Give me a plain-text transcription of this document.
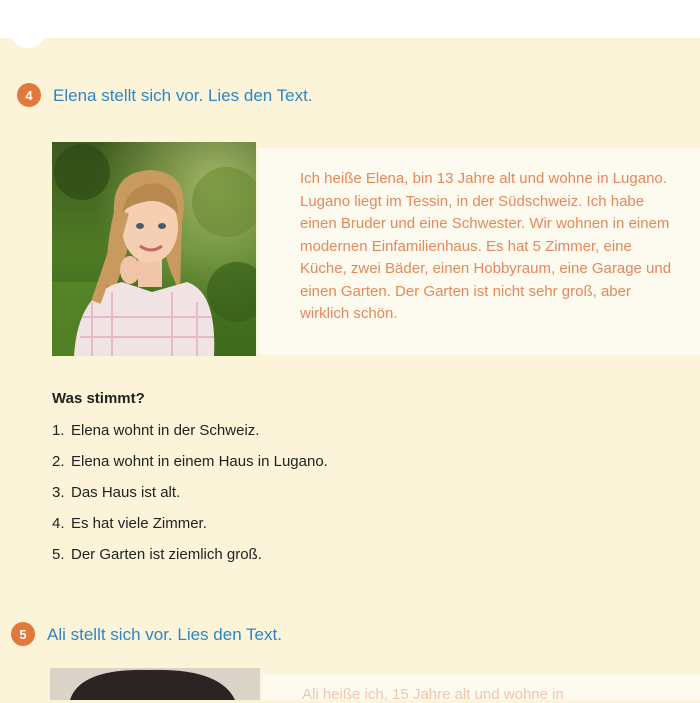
4	Elena stellt sich vor. Lies den Text.

Ich heiße Elena, bin 13 Jahre alt und wohne in Lugano. Lugano liegt im Tessin, in der Südschweiz. Ich habe einen Bruder und eine Schwester. Wir wohnen in einem modernen Einfamilienhaus. Es hat 5 Zimmer, eine Küche, zwei Bäder, einen Hobbyraum, eine Garage und einen Garten. Der Garten ist nicht sehr groß, aber wirklich schön.

Was stimmt?
1. Elena wohnt in der Schweiz.
2. Elena wohnt in einem Haus in Lugano.
3. Das Haus ist alt.
4. Es hat viele Zimmer.
5. Der Garten ist ziemlich groß.
5	Ali stellt sich vor. Lies den Text.
Ali heiße ich, 15 Jahre alt und wohne in
